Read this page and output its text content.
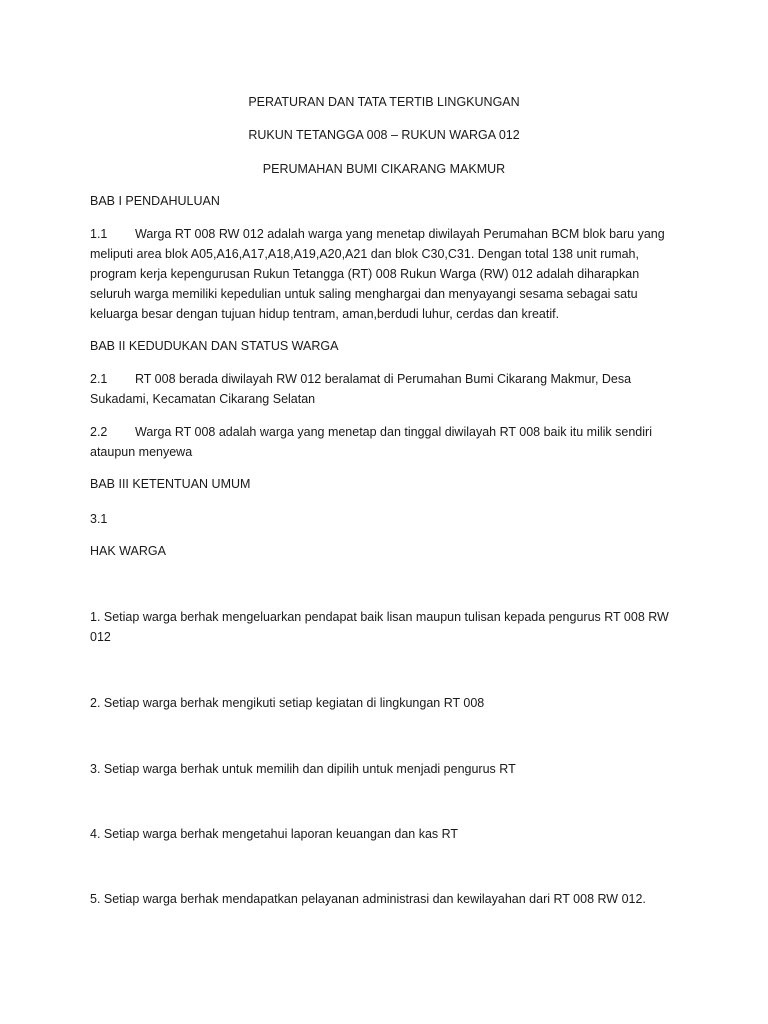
PERATURAN DAN TATA TERTIB LINGKUNGAN
RUKUN TETANGGA 008 – RUKUN WARGA 012
PERUMAHAN BUMI CIKARANG MAKMUR
BAB I PENDAHULUAN
1.1 Warga RT 008 RW 012 adalah warga yang menetap diwilayah Perumahan BCM blok baru yang
meliputi area blok A05,A16,A17,A18,A19,A20,A21 dan blok C30,C31. Dengan total 138 unit rumah,
program kerja kepengurusan Rukun Tetangga (RT) 008 Rukun Warga (RW) 012 adalah diharapkan
seluruh warga memiliki kepedulian untuk saling menghargai dan menyayangi sesama sebagai satu
keluarga besar dengan tujuan hidup tentram, aman,berdudi luhur, cerdas dan kreatif.
BAB II KEDUDUKAN DAN STATUS WARGA
2.1 RT 008 berada diwilayah RW 012 beralamat di Perumahan Bumi Cikarang Makmur, Desa
Sukadami, Kecamatan Cikarang Selatan
2.2 Warga RT 008 adalah warga yang menetap dan tinggal diwilayah RT 008 baik itu milik sendiri
ataupun menyewa
BAB III KETENTUAN UMUM
3.1
HAK WARGA
1. Setiap warga berhak mengeluarkan pendapat baik lisan maupun tulisan kepada pengurus RT 008 RW
012
2. Setiap warga berhak mengikuti setiap kegiatan di lingkungan RT 008
3. Setiap warga berhak untuk memilih dan dipilih untuk menjadi pengurus RT
4. Setiap warga berhak mengetahui laporan keuangan dan kas RT
5. Setiap warga berhak mendapatkan pelayanan administrasi dan kewilayahan dari RT 008 RW 012.
